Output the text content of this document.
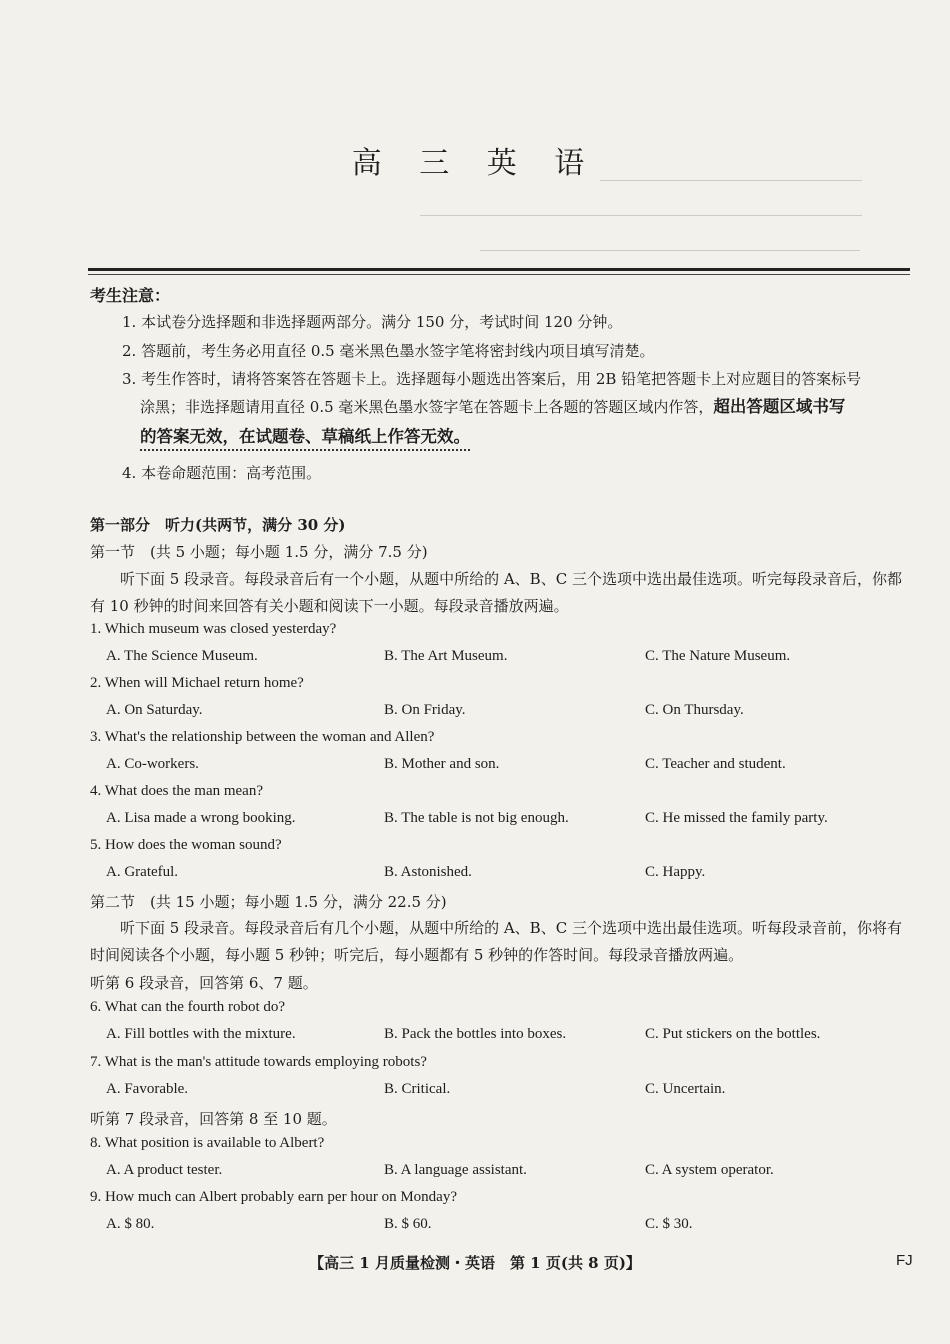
高 三 英 语
考生注意：
1. 本试卷分选择题和非选择题两部分。满分 150 分，考试时间 120 分钟。
2. 答题前，考生务必用直径 0.5 毫米黑色墨水签字笔将密封线内项目填写清楚。
3. 考生作答时，请将答案答在答题卡上。选择题每小题选出答案后，用 2B 铅笔把答题卡上对应题目的答案标号
涂黑；非选择题请用直径 0.5 毫米黑色墨水签字笔在答题卡上各题的答题区域内作答，超出答题区域书写
的答案无效，在试题卷、草稿纸上作答无效。
4. 本卷命题范围：高考范围。
第一部分　听力(共两节，满分 30 分)
第一节　(共 5 小题；每小题 1.5 分，满分 7.5 分)
听下面 5 段录音。每段录音后有一个小题，从题中所给的 A、B、C 三个选项中选出最佳选项。听完每段录音后，你都有 10 秒钟的时间来回答有关小题和阅读下一小题。每段录音播放两遍。
1. Which museum was closed yesterday?
A. The Science Museum.	B. The Art Museum.	C. The Nature Museum.
2. When will Michael return home?
A. On Saturday.	B. On Friday.	C. On Thursday.
3. What's the relationship between the woman and Allen?
A. Co-workers.	B. Mother and son.	C. Teacher and student.
4. What does the man mean?
A. Lisa made a wrong booking.	B. The table is not big enough.	C. He missed the family party.
5. How does the woman sound?
A. Grateful.	B. Astonished.	C. Happy.
第二节　(共 15 小题；每小题 1.5 分，满分 22.5 分)
听下面 5 段录音。每段录音后有几个小题，从题中所给的 A、B、C 三个选项中选出最佳选项。听每段录音前，你将有时间阅读各个小题，每小题 5 秒钟；听完后，每小题都有 5 秒钟的作答时间。每段录音播放两遍。
听第 6 段录音，回答第 6、7 题。
6. What can the fourth robot do?
A. Fill bottles with the mixture.	B. Pack the bottles into boxes.	C. Put stickers on the bottles.
7. What is the man's attitude towards employing robots?
A. Favorable.	B. Critical.	C. Uncertain.
听第 7 段录音，回答第 8 至 10 题。
8. What position is available to Albert?
A. A product tester.	B. A language assistant.	C. A system operator.
9. How much can Albert probably earn per hour on Monday?
A. $ 80.	B. $ 60.	C. $ 30.
【高三 1 月质量检测・英语　第 1 页(共 8 页)】	FJ
